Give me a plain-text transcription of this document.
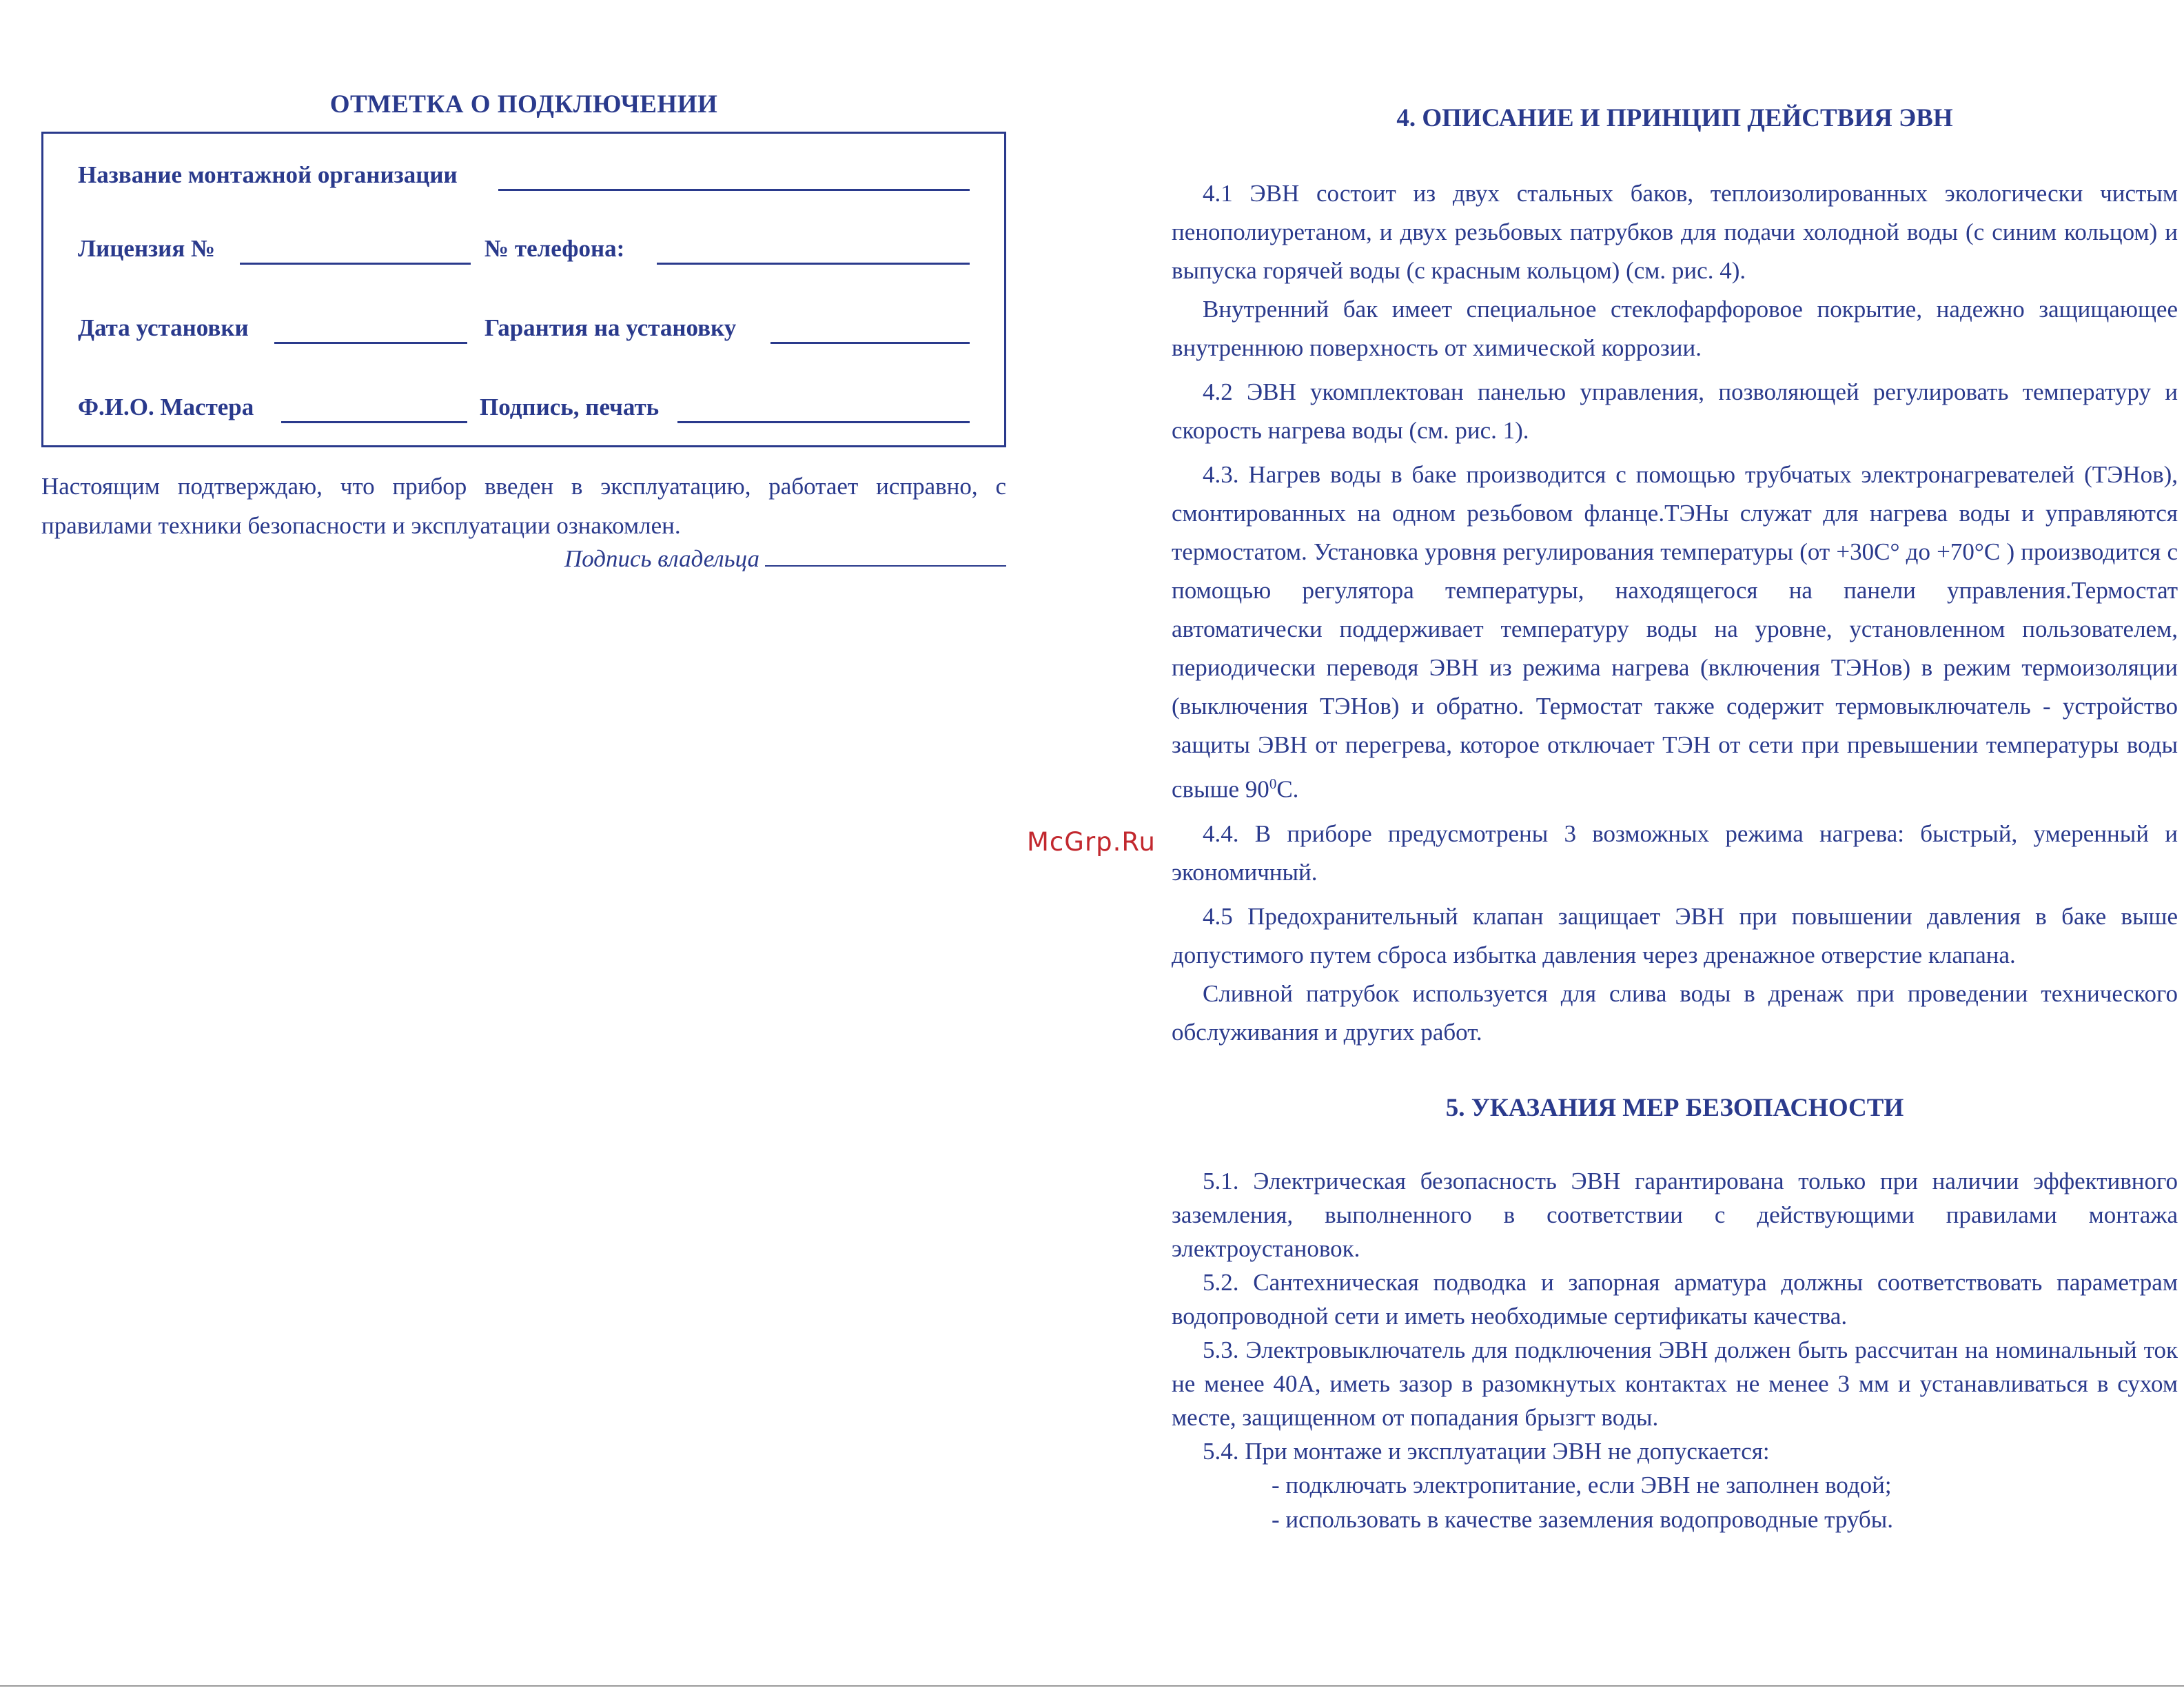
ОТМЕТКА О ПОДКЛЮЧЕНИИ
Название монтажной организации
Лицензия №	№ телефона:
Дата установки	Гарантия на установку
Ф.И.О. Мастера	Подпись, печать
Настоящим подтверждаю, что прибор введен в эксплуатацию, работает исправно, с правилами техники безопасности и эксплуатации ознакомлен.
Подпись владельца
McGrp.Ru
4. ОПИСАНИЕ И ПРИНЦИП ДЕЙСТВИЯ ЭВН

4.1 ЭВН состоит из двух стальных баков, теплоизолированных экологически чистым пенополиуретаном, и двух резьбовых патрубков для подачи холодной воды (с синим кольцом) и выпуска горячей воды (с красным кольцом) (см. рис. 4).

Внутренний бак имеет специальное стеклофарфоровое покрытие, надежно защищающее внутреннюю поверхность от химической коррозии.

4.2 ЭВН укомплектован панелью управления, позволяющей регулировать температуру и скорость нагрева воды (см. рис. 1).

4.3. Нагрев воды в баке производится с помощью трубчатых электронагревателей (ТЭНов), смонтированных на одном резьбовом фланце.ТЭНы служат для нагрева воды и управляются термостатом. Установка уровня регулирования температуры (от +30С° до +70°С ) производится с помощью регулятора температуры, находящегося на панели управления.Термостат автоматически поддерживает температуру воды на уровне, установленном пользователем, периодически переводя ЭВН из режима нагрева (включения ТЭНов) в режим термоизоляции (выключения ТЭНов) и обратно. Термостат также содержит термовыключатель - устройство защиты ЭВН от перегрева, которое отключает ТЭН от сети при превышении температуры воды свыше $90^0С$.

4.4. В приборе предусмотрены 3 возможных режима нагрева: быстрый, умеренный и экономичный.

4.5 Предохранительный клапан защищает ЭВН при повышении давления в баке выше допустимого путем сброса избытка давления через дренажное отверстие клапана.

Сливной патрубок используется для слива воды в дренаж при проведении технического обслуживания и других работ.

5. УКАЗАНИЯ МЕР БЕЗОПАСНОСТИ

5.1. Электрическая безопасность ЭВН гарантирована только при наличии эффективного заземления, выполненного в соответствии с действующими правилами монтажа электроустановок.

5.2. Сантехническая подводка и запорная арматура должны соответствовать параметрам водопроводной сети и иметь необходимые сертификаты качества.

5.3. Электровыключатель для подключения ЭВН должен быть рассчитан на номинальный ток не менее 40А, иметь зазор в разомкнутых контактах не менее 3 мм и устанавливаться в сухом месте, защищенном от попадания брызгт воды.

5.4. При монтаже и эксплуатации ЭВН не допускается:

- подключать электропитание, если ЭВН не заполнен водой;
- использовать в качестве заземления водопроводные трубы.
